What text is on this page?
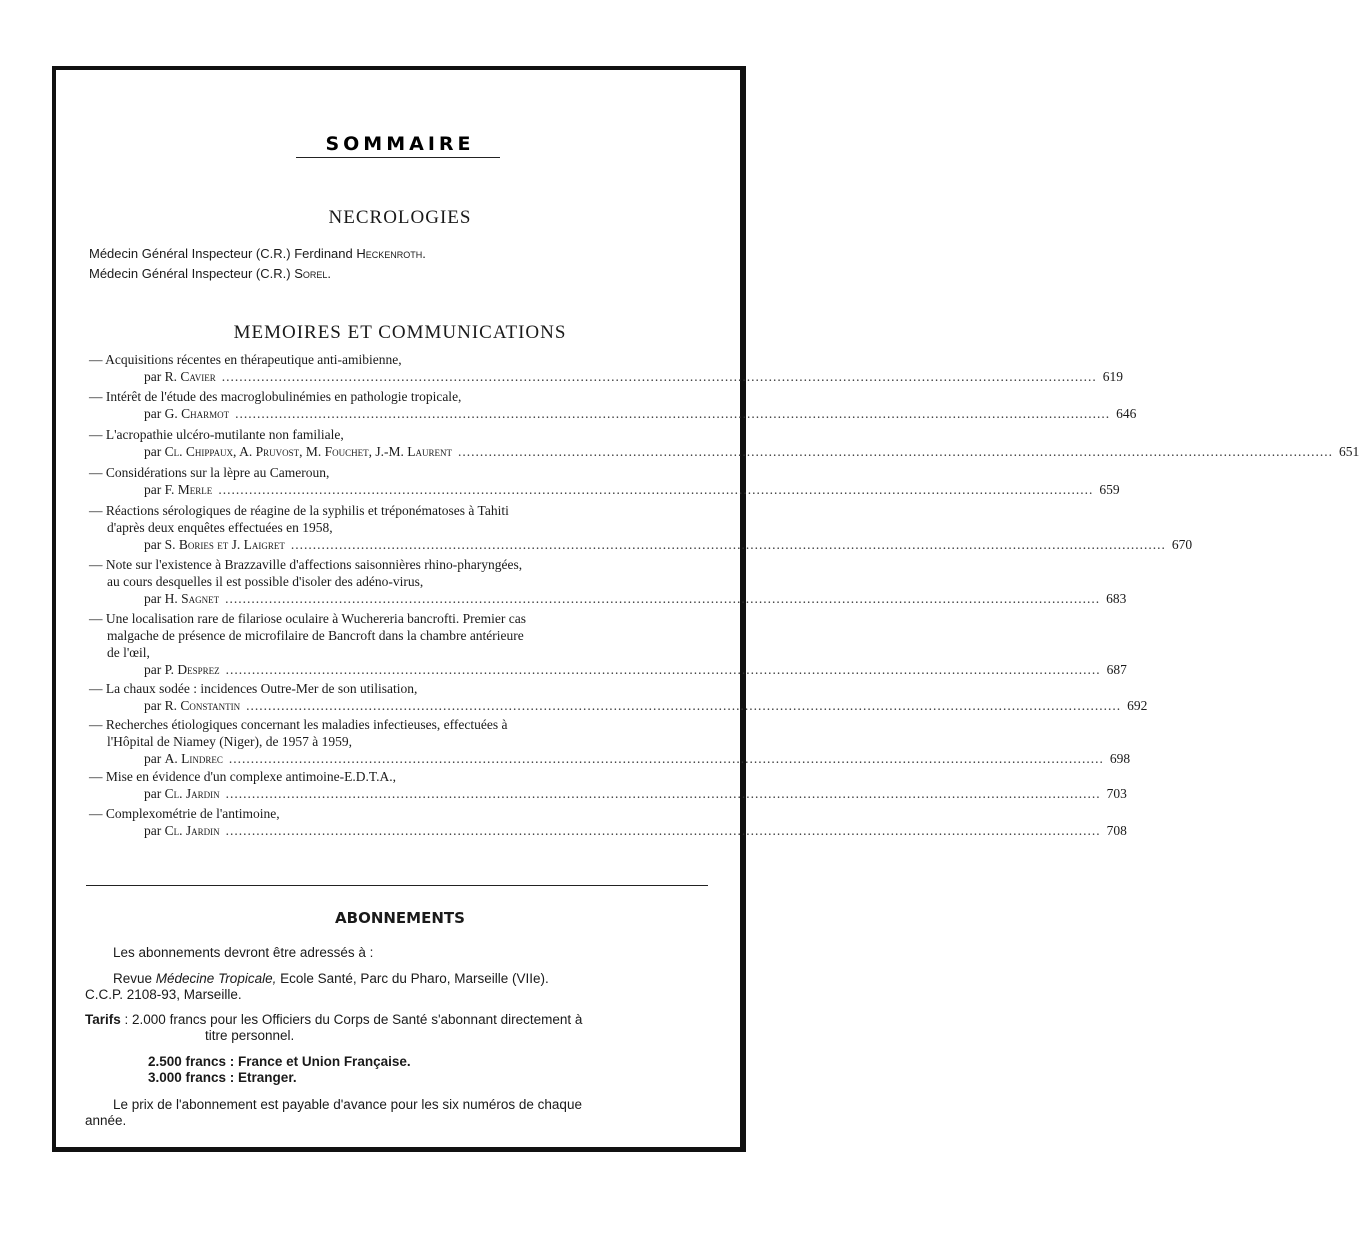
SOMMAIRE
NECROLOGIES
Médecin Général Inspecteur (C.R.) Ferdinand Heckenroth.
Médecin Général Inspecteur (C.R.) Sorel.
MEMOIRES ET COMMUNICATIONS
— Acquisitions récentes en thérapeutique anti-amibienne,
par R. Cavier ........................................................................................................................................................................................................ 619
— Intérêt de l'étude des macroglobulinémies en pathologie tropicale,
par G. Charmot ........................................................................................................................................................................................................ 646
— L'acropathie ulcéro-mutilante non familiale,
par Cl. Chippaux, A. Pruvost, M. Fouchet, J.-M. Laurent ........................................................................................................................................................................................................ 651
— Considérations sur la lèpre au Cameroun,
par F. Merle ........................................................................................................................................................................................................ 659
— Réactions sérologiques de réagine de la syphilis et tréponématoses à Tahiti
d'après deux enquêtes effectuées en 1958,
par S. Bories et J. Laigret ........................................................................................................................................................................................................ 670
— Note sur l'existence à Brazzaville d'affections saisonnières rhino-pharyngées,
au cours desquelles il est possible d'isoler des adéno-virus,
par H. Sagnet ........................................................................................................................................................................................................ 683
— Une localisation rare de filariose oculaire à Wuchereria bancrofti. Premier cas
malgache de présence de microfilaire de Bancroft dans la chambre antérieure
de l'œil,
par P. Desprez ........................................................................................................................................................................................................ 687
— La chaux sodée : incidences Outre-Mer de son utilisation,
par R. Constantin ........................................................................................................................................................................................................ 692
— Recherches étiologiques concernant les maladies infectieuses, effectuées à
l'Hôpital de Niamey (Niger), de 1957 à 1959,
par A. Lindrec ........................................................................................................................................................................................................ 698
— Mise en évidence d'un complexe antimoine-E.D.T.A.,
par Cl. Jardin ........................................................................................................................................................................................................ 703
— Complexométrie de l'antimoine,
par Cl. Jardin ........................................................................................................................................................................................................ 708
ABONNEMENTS
Les abonnements devront être adressés à :
Revue Médecine Tropicale, Ecole Santé, Parc du Pharo, Marseille (VIIe).
C.C.P. 2108-93, Marseille.
Tarifs : 2.000 francs pour les Officiers du Corps de Santé s'abonnant directement à
titre personnel.
2.500 francs : France et Union Française.
3.000 francs : Etranger.
Le prix de l'abonnement est payable d'avance pour les six numéros de chaque
année.
